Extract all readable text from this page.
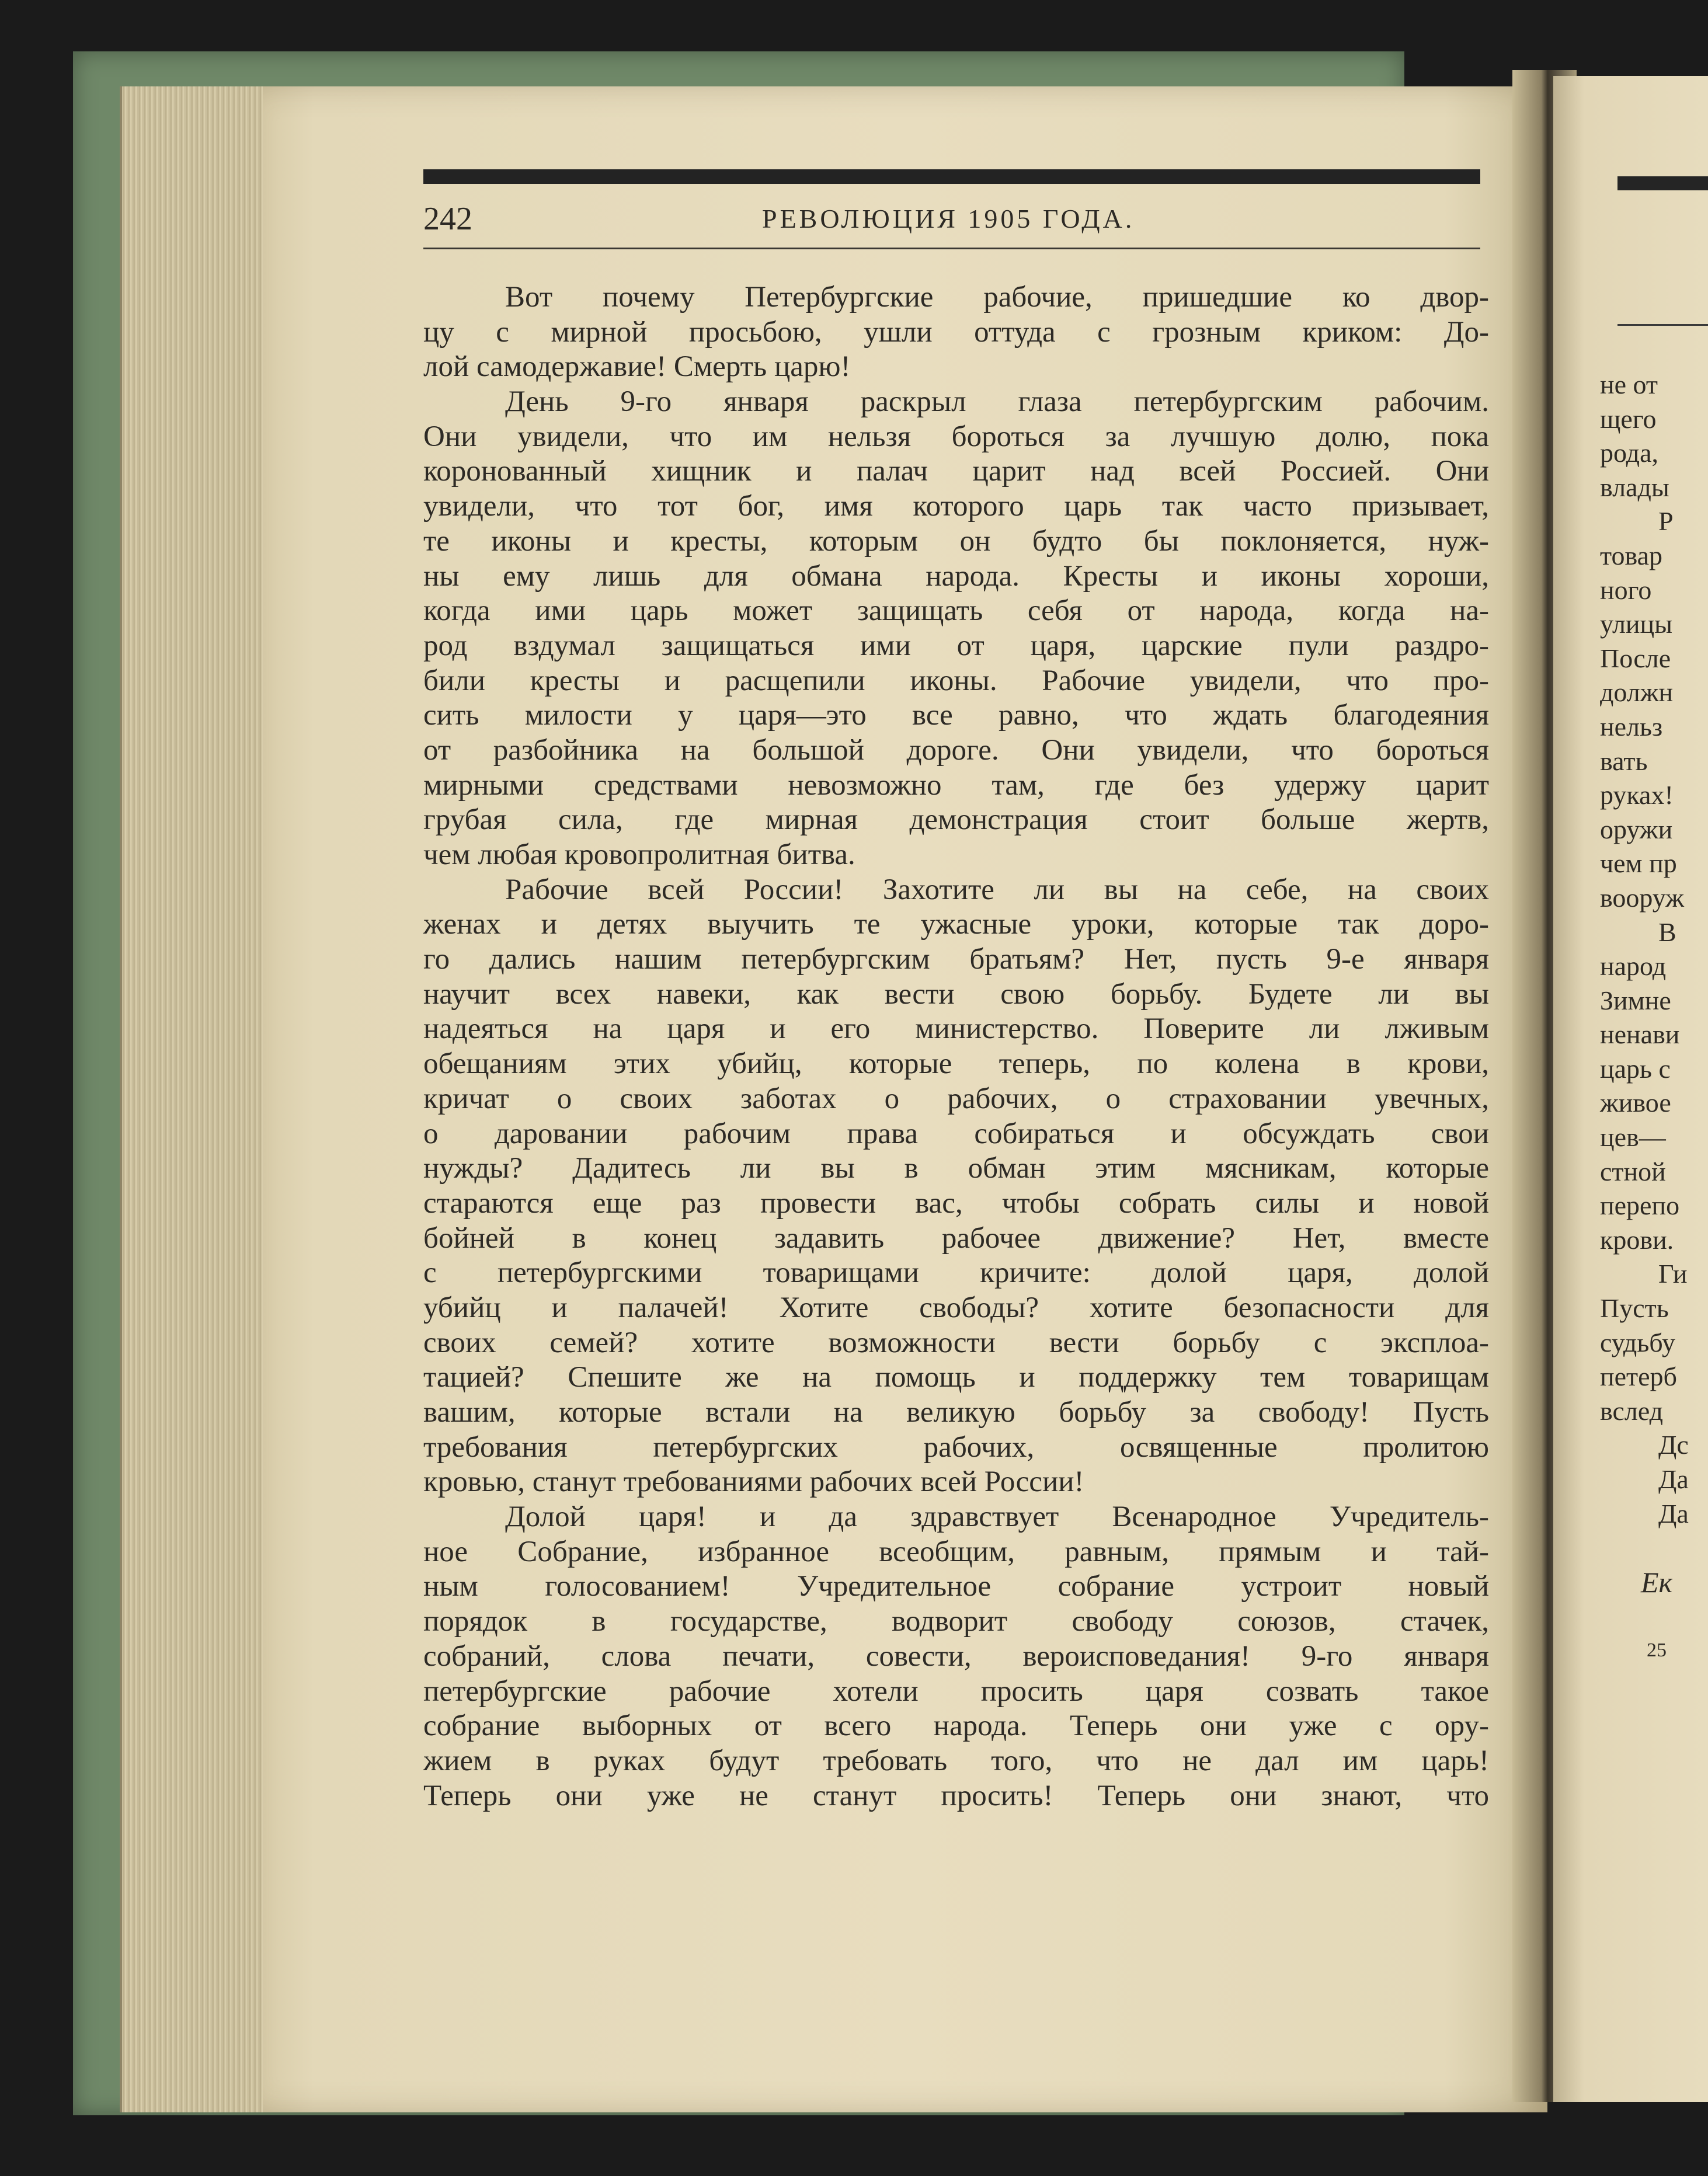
не от
щего
рода,
влады
Р
товар
ного
улицы
После
должн
нельз
вать
руках!
оружи
чем пр
вооруж
В
народ
Зимне
ненави
царь с
живое
цев—
стной
перепо
крови.
Ги
Пусть
судьбу
петерб
вслед
Дс
Да
Да
Ек
25
242	РЕВОЛЮЦИЯ 1905 ГОДА.
Вот почему Петербургские рабочие, пришедшие ко двор-
цу с мирной просьбою, ушли оттуда с грозным криком: До-
лой самодержавие! Смерть царю!
День 9-го января раскрыл глаза петербургским рабочим.
Они увидели, что им нельзя бороться за лучшую долю, пока
коронованный хищник и палач царит над всей Россией. Они
увидели, что тот бог, имя которого царь так часто призывает,
те иконы и кресты, которым он будто бы поклоняется, нуж-
ны ему лишь для обмана народа. Кресты и иконы хороши,
когда ими царь может защищать себя от народа, когда на-
род вздумал защищаться ими от царя, царские пули раздро-
били кресты и расщепили иконы. Рабочие увидели, что про-
сить милости у царя—это все равно, что ждать благодеяния
от разбойника на большой дороге. Они увидели, что бороться
мирными средствами невозможно там, где без удержу царит
грубая сила, где мирная демонстрация стоит больше жертв,
чем любая кровопролитная битва.
Рабочие всей России! Захотите ли вы на себе, на своих
женах и детях выучить те ужасные уроки, которые так доро-
го дались нашим петербургским братьям? Нет, пусть 9-е января
научит всех навеки, как вести свою борьбу. Будете ли вы
надеяться на царя и его министерство. Поверите ли лживым
обещаниям этих убийц, которые теперь, по колена в крови,
кричат о своих заботах о рабочих, о страховании увечных,
о даровании рабочим права собираться и обсуждать свои
нужды? Дадитесь ли вы в обман этим мясникам, которые
стараются еще раз провести вас, чтобы собрать силы и новой
бойней в конец задавить рабочее движение? Нет, вместе
с петербургскими товарищами кричите: долой царя, долой
убийц и палачей! Хотите свободы? хотите безопасности для
своих семей? хотите возможности вести борьбу с эксплоа-
тацией? Спешите же на помощь и поддержку тем товарищам
вашим, которые встали на великую борьбу за свободу! Пусть
требования петербургских рабочих, освященные пролитою
кровью, станут требованиями рабочих всей России!
Долой царя! и да здравствует Всенародное Учредитель-
ное Собрание, избранное всеобщим, равным, прямым и тай-
ным голосованием! Учредительное собрание устроит новый
порядок в государстве, водворит свободу союзов, стачек,
собраний, слова печати, совести, вероисповедания! 9-го января
петербургские рабочие хотели просить царя созвать такое
собрание выборных от всего народа. Теперь они уже с ору-
жием в руках будут требовать того, что не дал им царь!
Теперь они уже не станут просить! Теперь они знают, что
